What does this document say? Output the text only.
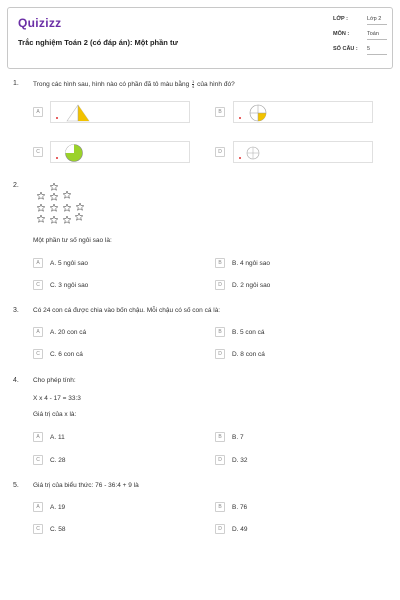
Quizizz
Trắc nghiệm Toán 2 (có đáp án): Một phần tư
LỚP :	Lớp 2
MÔN :	Toán
SỐ CÂU : 5
1. Trong các hình sau, hình nào có phần đã tô màu bằng $\frac{1}{4}$ của hình đó?
A	B
C	D
2.
Một phần tư số ngôi sao là:
A	A. 5 ngôi sao	B	B. 4 ngôi sao
C	C. 3 ngôi sao	D	D. 2 ngôi sao
3. Có 24 con cá được chia vào bốn chậu. Mỗi chậu có số con cá là:
A	A. 20 con cá	B	B. 5 con cá
C	C. 6 con cá	D	D. 8 con cá
4. Cho phép tính:
X x 4 - 17 = 33:3
Giá trị của x là:
A	A. 11	B	B. 7
C	C. 28	D	D. 32
5. Giá trị của biểu thức: 76 - 36:4 + 9 là
A	A. 19	B	B. 76
C	C. 58	D	D. 49
